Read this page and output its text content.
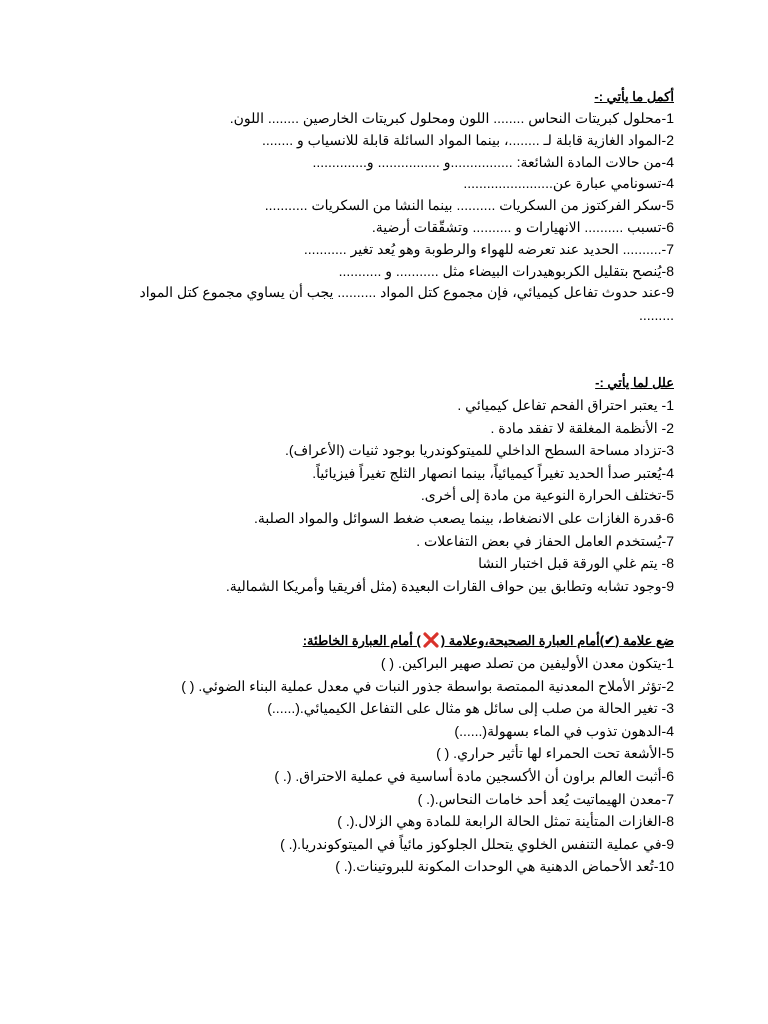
أكمل ما يأتي :-
1-محلول كبريتات النحاس ........ اللون ومحلول كبريتات الخارصين ........ اللون.
2-المواد الغازية قابلة لـ ........، بينما المواد السائلة قابلة للانسياب و ........
4-من حالات المادة الشائعة: ................و ................ و..............
4-تسونامي عبارة عن.......................
5-سكر الفركتوز من السكريات .......... بينما النشا من السكريات ...........
6-تسبب .......... الانهيارات و .......... وتشقّقات أرضية.
7-.......... الحديد عند تعرضه للهواء والرطوبة وهو يُعد تغير ...........
8-يُنصح بتقليل الكربوهيدرات البيضاء مثل ........... و ...........
9-عند حدوث تفاعل كيميائي، فإن مجموع كتل المواد .......... يجب أن يساوي مجموع كتل المواد
.........
علل لما يأتي :-
1- يعتبر احتراق الفحم تفاعل كيميائي .
2- الأنظمة المغلقة لا تفقد مادة .
3-تزداد مساحة السطح الداخلي للميتوكوندريا بوجود ثنيات (الأعراف).
4-يُعتبر صدأ الحديد تغيراً كيميائياً، بينما انصهار الثلج تغيراً فيزيائياً.
5-تختلف الحرارة النوعية من مادة إلى أخرى.
6-قدرة الغازات على الانضغاط، بينما يصعب ضغط السوائل والمواد الصلبة.
7-يُستخدم العامل الحفاز في بعض التفاعلات .
8- يتم غلي الورقة قبل اختبار النشا
9-وجود تشابه وتطابق بين حواف القارات البعيدة (مثل أفريقيا وأمريكا الشمالية.
ضع علامة (✔)أمام العبارة الصحيحة،وعلامة (
) أمام العبارة الخاطئة:
1-يتكون معدن الأوليفين من تصلد صهير البراكين. ( )
2-تؤثر الأملاح المعدنية الممتصة بواسطة جذور النبات في معدل عملية البناء الضوئي. ( )
3- تغير الحالة من صلب إلى سائل هو مثال على التفاعل الكيميائي.(......)
4-الدهون تذوب في الماء بسهولة(......)
5-الأشعة تحت الحمراء لها تأثير حراري. ( )
6-أثبت العالم براون أن الأكسجين مادة أساسية في عملية الاحتراق. (. )
7-معدن الهيماتيت يُعد أحد خامات النحاس.(. )
8-الغازات المتأينة تمثل الحالة الرابعة للمادة وهي الزلال.(. )
9-في عملية التنفس الخلوي يتحلل الجلوكوز مائياً في الميتوكوندريا.(. )
10-تُعد الأحماض الدهنية هي الوحدات المكونة للبروتينات.(. )
